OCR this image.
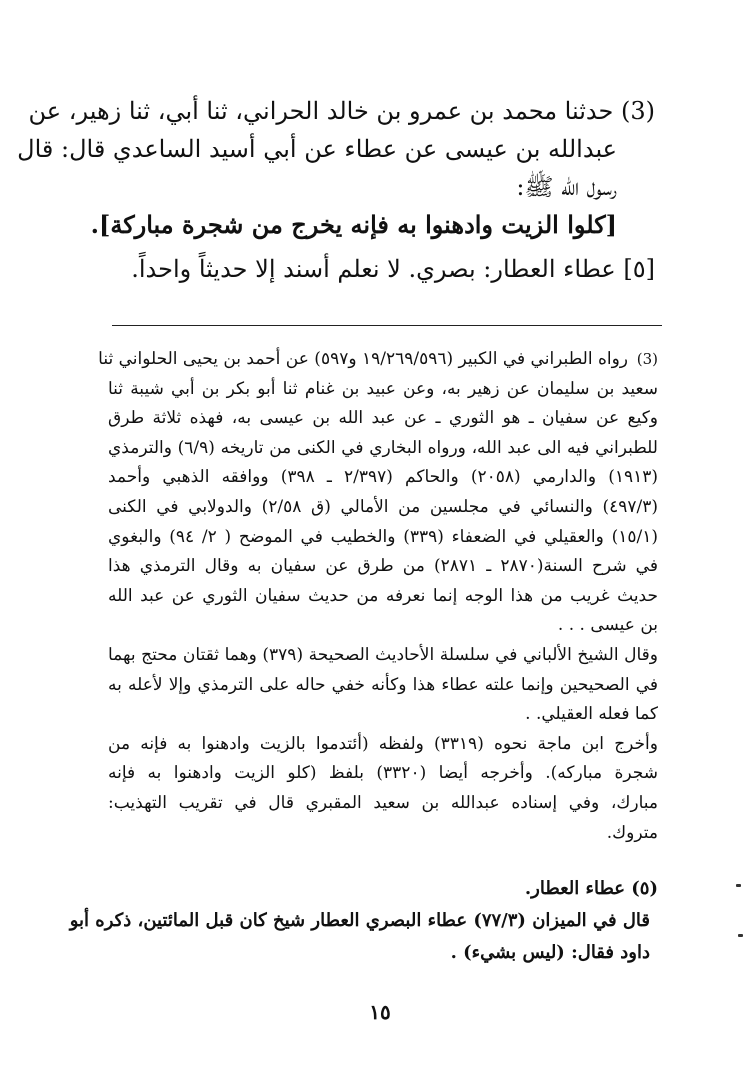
(3) حدثنا محمد بن عمرو بن خالد الحراني، ثنا أبي، ثنا زهير، عن
عبدالله بن عيسى عن عطاء عن أبي أسيد الساعدي قال: قال
رسول الله ﷺ:
[كلوا الزيت وادهنوا به فإنه يخرج من شجرة مباركة].
[٥] عطاء العطار: بصري. لا نعلم أسند إلا حديثاً واحداً.
(3)رواه الطبراني في الكبير (١٩/٢٦٩/٥٩٦ و٥٩٧) عن أحمد بن يحيى الحلواني ثنا
سعيد بن سليمان عن زهير به، وعن عبيد بن غنام ثنا أبو بكر بن أبي شيبة ثنا
وكيع عن سفيان ـ هو الثوري ـ عن عبد الله بن عيسى به، فهذه ثلاثة طرق
للطبراني فيه الى عبد الله، ورواه البخاري في الكنى من تاريخه (٦/٩) والترمذي
(١٩١٣) والدارمي (٢٠٥٨) والحاكم (٢/٣٩٧ ـ ٣٩٨) ووافقه الذهبي وأحمد
(٤٩٧/٣) والنسائي في مجلسين من الأمالي (ق ٢/٥٨) والدولابي في الكنى
(١٥/١) والعقيلي في الضعفاء (٣٣٩) والخطيب في الموضح ( ٢/ ٩٤) والبغوي
في شرح السنة(٢٨٧٠ ـ ٢٨٧١) من طرق عن سفيان به وقال الترمذي هذا
حديث غريب من هذا الوجه إنما نعرفه من حديث سفيان الثوري عن عبد الله
بن عيسى . . .
وقال الشيخ الألباني في سلسلة الأحاديث الصحيحة (٣٧٩) وهما ثقتان محتج بهما
في الصحيحين وإنما علته عطاء هذا وكأنه خفي حاله على الترمذي وإلا لأعله به
كما فعله العقيلي. .
وأخرج ابن ماجة نحوه (٣٣١٩) ولفظه (أئتدموا بالزيت وادهنوا به فإنه من
شجرة مباركه). وأخرجه أيضا (٣٣٢٠) بلفظ (كلو الزيت وادهنوا به فإنه
مبارك، وفي إسناده عبدالله بن سعيد المقبري قال في تقريب التهذيب:
متروك.
(٥) عطاء العطار.
قال في الميزان (٧٧/٣) عطاء البصري العطار شيخ كان قبل المائتين، ذكره أبو
داود فقال: (ليس بشيء) .
١٥
